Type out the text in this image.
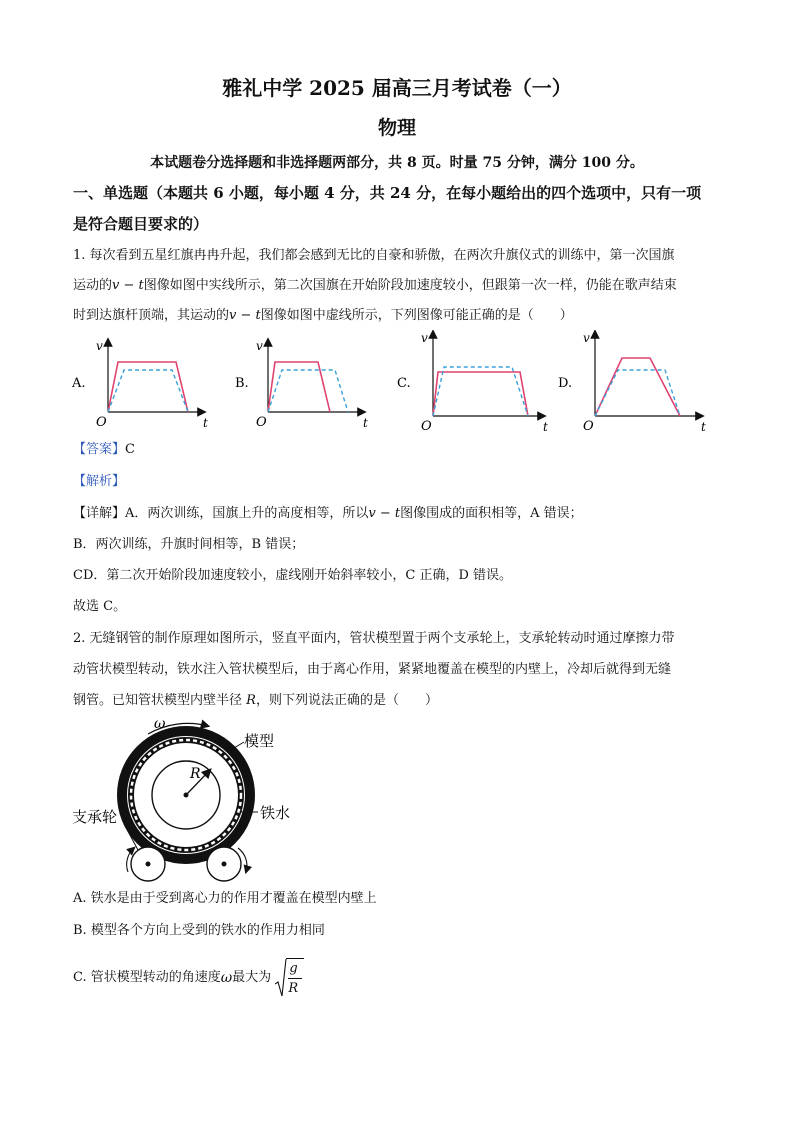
雅礼中学 2025 届高三月考试卷（一）
物理
本试题卷分选择题和非选择题两部分，共 8 页。时量 75 分钟，满分 100 分。
一、单选题（本题共 6 小题，每小题 4 分，共 24 分，在每小题给出的四个选项中，只有一项
是符合题目要求的）
1. 每次看到五星红旗冉冉升起，我们都会感到无比的自豪和骄傲，在两次升旗仪式的训练中，第一次国旗
运动的v − t图像如图中实线所示，第二次国旗在开始阶段加速度较小，但跟第一次一样，仍能在歌声结束
时到达旗杆顶端，其运动的v − t图像如图中虚线所示，下列图像可能正确的是（　　）
A.
v
t
O
B.
v
t
O
C.
v
t
O
D.
v
t
O
【答案】C
【解析】
【详解】A．两次训练，国旗上升的高度相等，所以v − t图像围成的面积相等，A 错误；
B．两次训练，升旗时间相等，B 错误；
CD．第二次开始阶段加速度较小，虚线刚开始斜率较小，C 正确，D 错误。
故选 C。
2. 无缝钢管的制作原理如图所示，竖直平面内，管状模型置于两个支承轮上，支承轮转动时通过摩擦力带
动管状模型转动，铁水注入管状模型后，由于离心作用，紧紧地覆盖在模型的内壁上，冷却后就得到无缝
钢管。已知管状模型内壁半径 R，则下列说法正确的是（　　）
ω
R
模型
铁水
支承轮
A. 铁水是由于受到离心力的作用才覆盖在模型内壁上
B. 模型各个方向上受到的铁水的作用力相同
C. 管状模型转动的角速度ω最大为 $\frac{g}{R}$
